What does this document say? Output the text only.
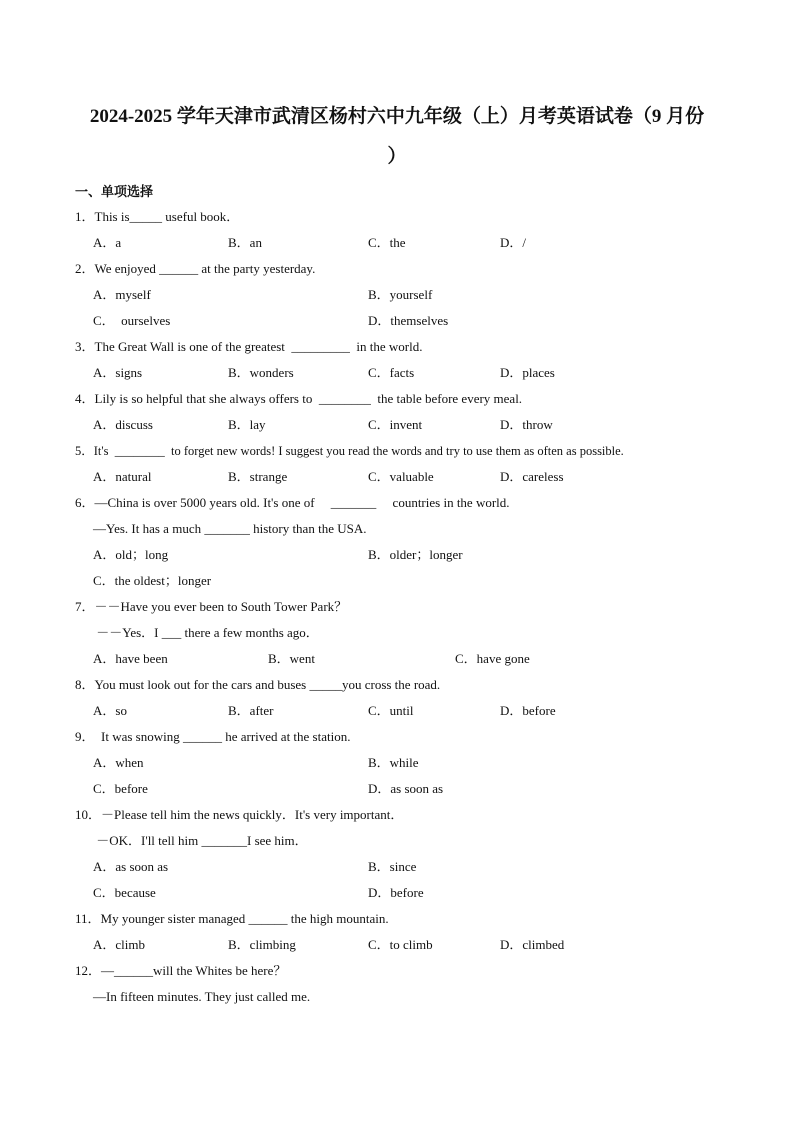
2024-2025 学年天津市武清区杨村六中九年级（上）月考英语试卷（9 月份
）
一、单项选择
1．This is_____ useful book．
A．a	B．an	C．the	D．/
2．We enjoyed ______ at the party yesterday.
A．myself	B．yourself
C．  ourselves	D．themselves
3．The Great Wall is one of the greatest  _________  in the world.
A．signs	B．wonders	C．facts	D．places
4．Lily is so helpful that she always offers to  ________  the table before every meal.
A．discuss	B．lay	C．invent	D．throw
5．It's  ________  to forget new words! I suggest you read the words and try to use them as often as possible.
A．natural	B．strange	C．valuable	D．careless
6．—China is over 5000 years old. It's one of     _______     countries in the world.
—Yes. It has a much _______ history than the USA.
A．old；long	B．older；longer
C．the oldest；longer
7．－－Have you ever been to South Tower Park？
－－Yes．I ___ there a few months ago．
A．have been	B．went	C．have gone
8．You must look out for the cars and buses _____you cross the road.
A．so	B．after	C．until	D．before
9．  It was snowing ______ he arrived at the station.
A．when	B．while
C．before	D．as soon as
10．－Please tell him the news quickly．It's very important．
－OK．I'll tell him _______I see him．
A．as soon as	B．since
C．because	D．before
11．My younger sister managed ______ the high mountain.
A．climb	B．climbing	C．to climb	D．climbed
12．—______will the Whites be here？
—In fifteen minutes. They just called me.
